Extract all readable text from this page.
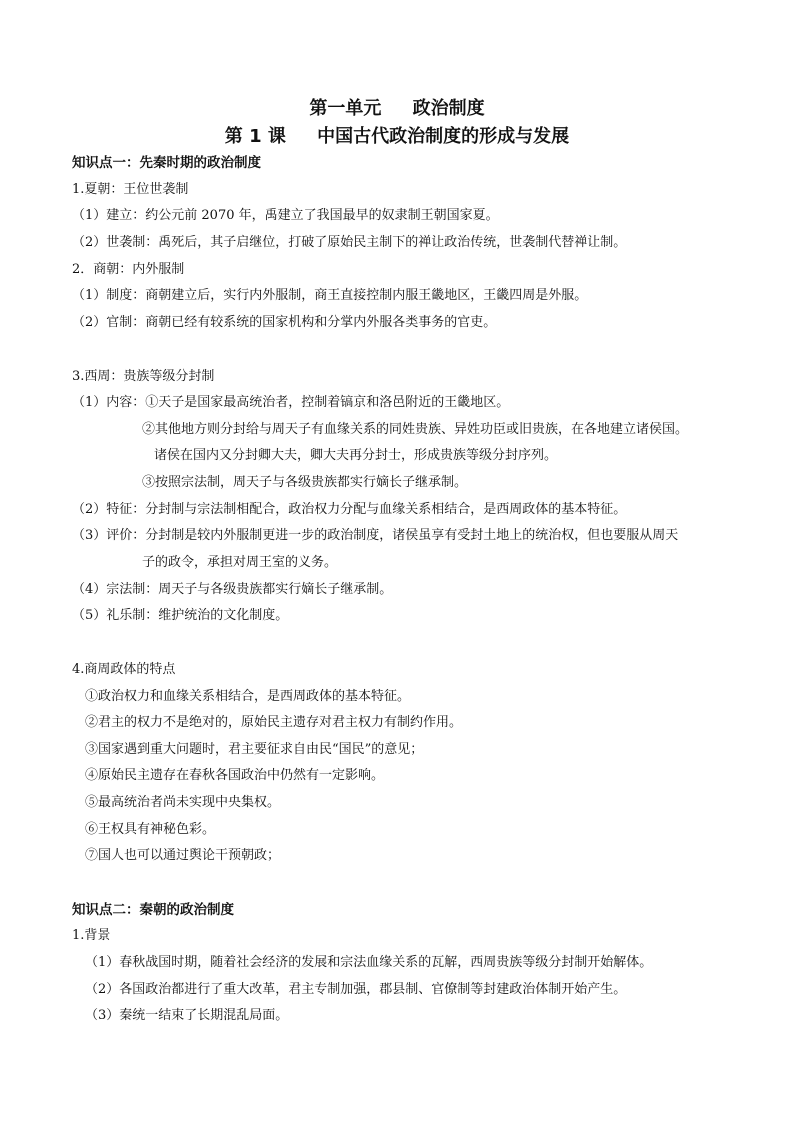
第一单元     政治制度
第 1 课     中国古代政治制度的形成与发展
知识点一：先秦时期的政治制度
1.夏朝：王位世袭制
（1）建立：约公元前 2070 年，禹建立了我国最早的奴隶制王朝国家夏。
（2）世袭制：禹死后，其子启继位，打破了原始民主制下的禅让政治传统，世袭制代替禅让制。
2．商朝：内外服制
（1）制度：商朝建立后，实行内外服制，商王直接控制内服王畿地区，王畿四周是外服。
（2）官制：商朝已经有较系统的国家机构和分掌内外服各类事务的官吏。
3.西周：贵族等级分封制
（1）内容：①天子是国家最高统治者，控制着镐京和洛邑附近的王畿地区。
②其他地方则分封给与周天子有血缘关系的同姓贵族、异姓功臣或旧贵族，在各地建立诸侯国。
诸侯在国内又分封卿大夫，卿大夫再分封士，形成贵族等级分封序列。
③按照宗法制，周天子与各级贵族都实行嫡长子继承制。
（2）特征：分封制与宗法制相配合，政治权力分配与血缘关系相结合，是西周政体的基本特征。
（3）评价：分封制是较内外服制更进一步的政治制度，诸侯虽享有受封土地上的统治权，但也要服从周天
子的政令，承担对周王室的义务。
（4）宗法制：周天子与各级贵族都实行嫡长子继承制。
（5）礼乐制：维护统治的文化制度。
4.商周政体的特点
①政治权力和血缘关系相结合，是西周政体的基本特征。
②君主的权力不是绝对的，原始民主遗存对君主权力有制约作用。
③国家遇到重大问题时，君主要征求自由民“国民”的意见；
④原始民主遗存在春秋各国政治中仍然有一定影响。
⑤最高统治者尚未实现中央集权。
⑥王权具有神秘色彩。
⑦国人也可以通过舆论干预朝政；
知识点二：秦朝的政治制度
1.背景
（1）春秋战国时期，随着社会经济的发展和宗法血缘关系的瓦解，西周贵族等级分封制开始解体。
（2）各国政治都进行了重大改革，君主专制加强，郡县制、官僚制等封建政治体制开始产生。
（3）秦统一结束了长期混乱局面。
